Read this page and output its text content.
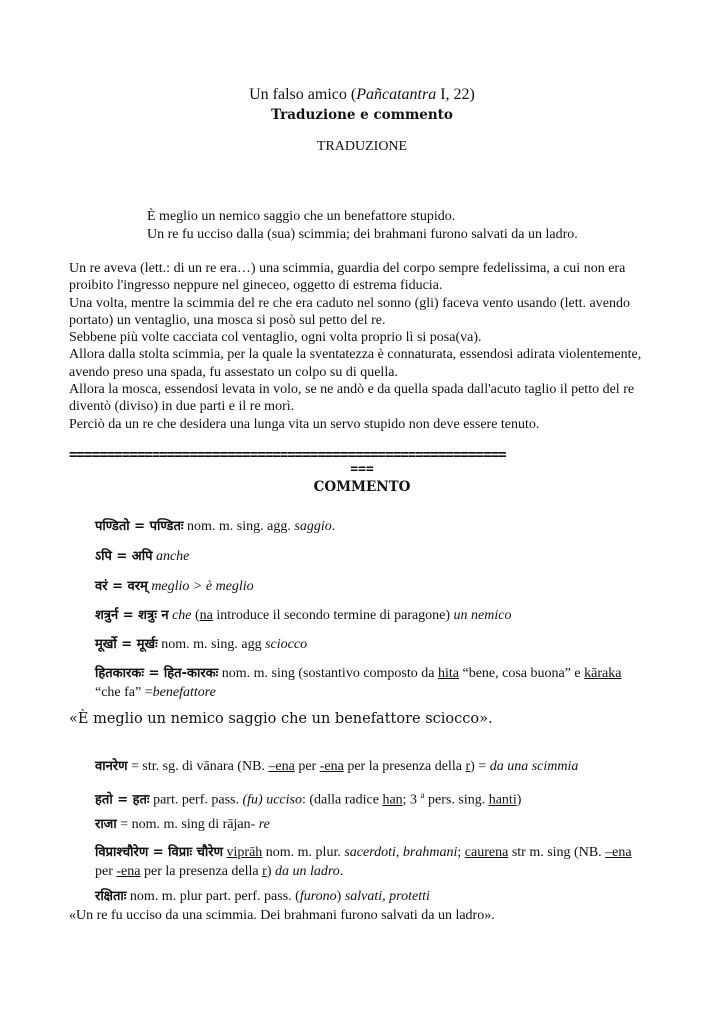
Un falso amico (Pañcatantra I, 22)
Traduzione e commento
TRADUZIONE
È meglio un nemico saggio che un benefattore stupido.
Un re fu ucciso dalla (sua) scimmia; dei brahmani furono salvati da un ladro.

Un re aveva (lett.: di un re era…) una scimmia, guardia del corpo sempre fedelissima, a cui non era proibito l'ingresso neppure nel gineceo, oggetto di estrema fiducia.

Una volta, mentre la scimmia del re che era caduto nel sonno (gli) faceva vento usando (lett. avendo portato) un ventaglio, una mosca si posò sul petto del re.

Sebbene più volte cacciata col ventaglio, ogni volta proprio lì si posa(va).

Allora dalla stolta scimmia, per la quale la sventatezza è connaturata, essendosi adirata violentemente, avendo preso una spada, fu assestato un colpo su di quella.

Allora la mosca, essendosi levata in volo, se ne andò e da quella spada dall'acuto taglio il petto del re diventò (diviso) in due parti e il re morì.

Perciò da un re che desidera una lunga vita un servo stupido non deve essere tenuto.

==========================================================
===
COMMENTO
पण्डितो = पण्डितः nom. m. sing. agg. saggio.
ऽपि = अपि anche
वरं = वरम् meglio > è meglio
शत्रुर्न = शत्रुः न che (na introduce il secondo termine di paragone) un nemico
मूर्खो = मूर्खः nom. m. sing. agg sciocco
हितकारकः = हित-कारकः nom. m. sing (sostantivo composto da hita “bene, cosa buona” e kāraka
“che fa” =benefattore
«È meglio un nemico saggio che un benefattore sciocco».
वानरेण = str. sg. di vānara (NB. –ena per -ena per la presenza della r) = da una scimmia
हतो = हतः part. perf. pass. (fu) ucciso: (dalla radice han; 3 $^a$ pers. sing. hanti)
राजा = nom. m. sing di rājan- re
विप्राश्चौरेण = विप्राः चौरेण viprāh nom. m. plur. sacerdoti, brahmani; caurena str m. sing (NB. –ena
per -ena per la presenza della r) da un ladro.
रक्षिताः nom. m. plur part. perf. pass. (furono) salvati, protetti
«Un re fu ucciso da una scimmia. Dei brahmani furono salvati da un ladro».
